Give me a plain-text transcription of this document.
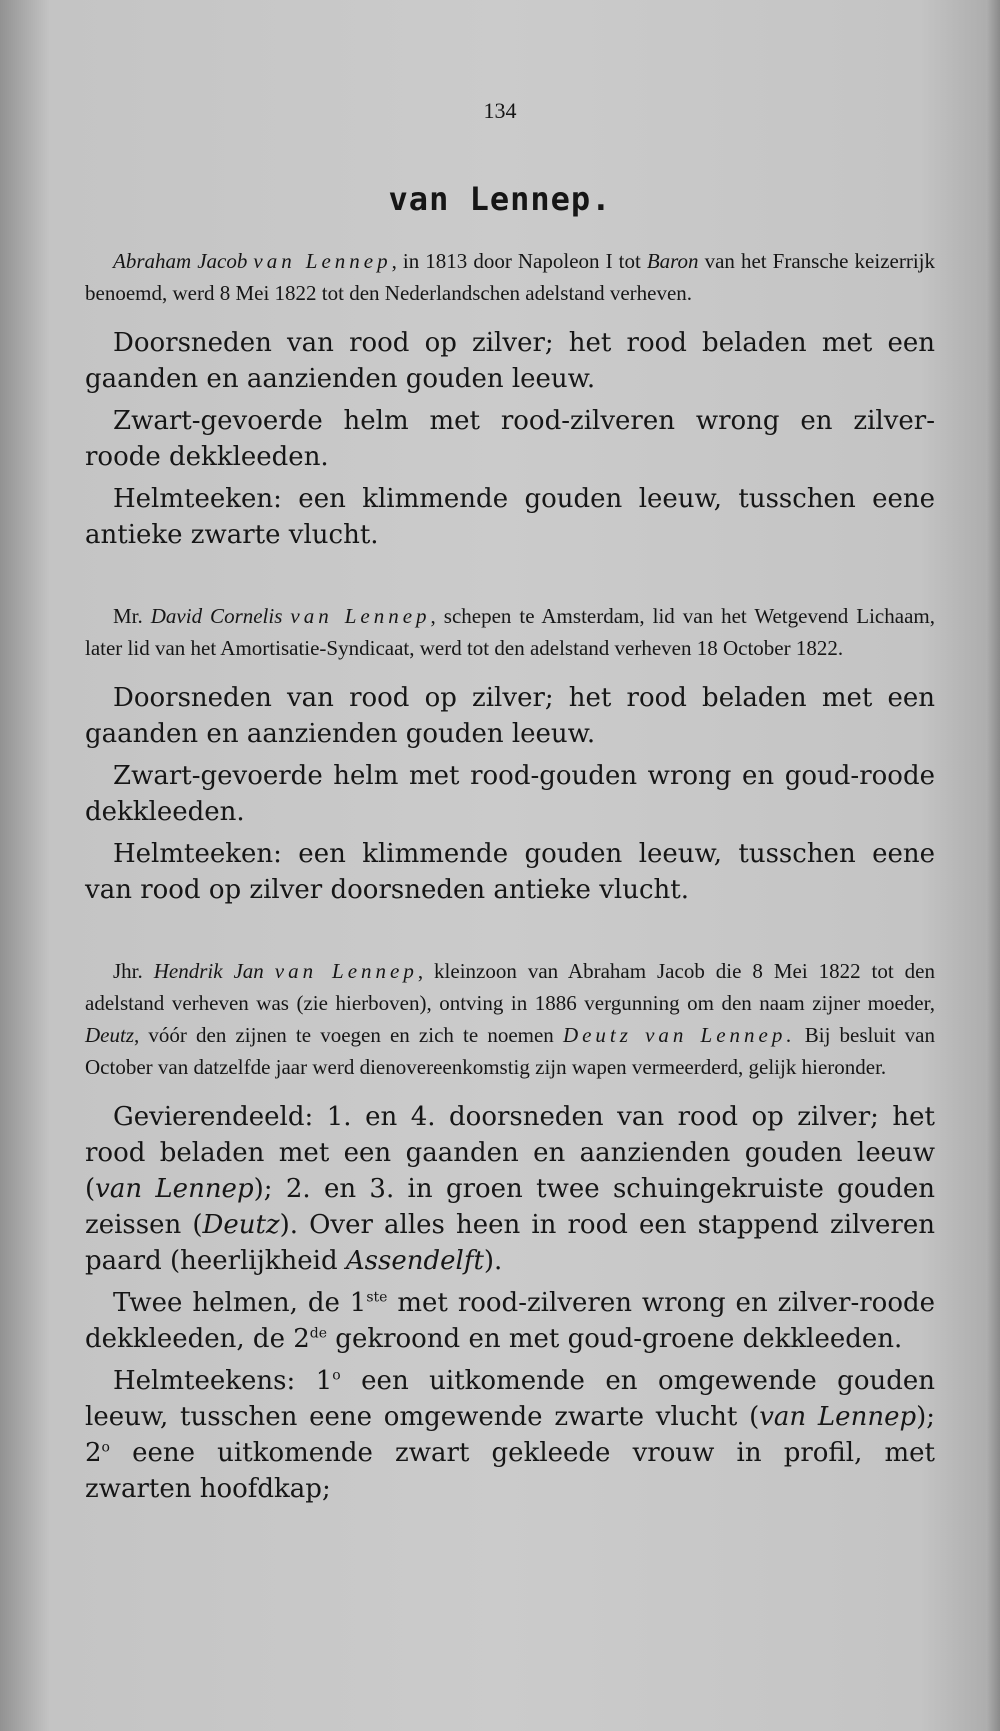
134
van Lennep.

Abraham Jacob van Lennep, in 1813 door Napoleon I tot Baron van het Fransche keizerrijk benoemd, werd 8 Mei 1822 tot den Nederlandschen adelstand verheven.

Doorsneden van rood op zilver; het rood beladen met een gaanden en aanzienden gouden leeuw.

Zwart-gevoerde helm met rood-zilveren wrong en zilver-roode dekkleeden.

Helmteeken: een klimmende gouden leeuw, tusschen eene antieke zwarte vlucht.

Mr. David Cornelis van Lennep, schepen te Amsterdam, lid van het Wetgevend Lichaam, later lid van het Amortisatie-Syndicaat, werd tot den adelstand verheven 18 October 1822.

Doorsneden van rood op zilver; het rood beladen met een gaanden en aanzienden gouden leeuw.

Zwart-gevoerde helm met rood-gouden wrong en goud-roode dekkleeden.

Helmteeken: een klimmende gouden leeuw, tusschen eene van rood op zilver doorsneden antieke vlucht.

Jhr. Hendrik Jan van Lennep, kleinzoon van Abraham Jacob die 8 Mei 1822 tot den adelstand verheven was (zie hierboven), ontving in 1886 vergunning om den naam zijner moeder, Deutz, vóór den zijnen te voegen en zich te noemen Deutz van Lennep. Bij besluit van October van datzelfde jaar werd dienovereenkomstig zijn wapen vermeerderd, gelijk hieronder.

Gevierendeeld: 1. en 4. doorsneden van rood op zilver; het rood beladen met een gaanden en aanzienden gouden leeuw (van Lennep); 2. en 3. in groen twee schuingekruiste gouden zeissen (Deutz). Over alles heen in rood een stappend zilveren paard (heerlijkheid Assendelft).

Twee helmen, de 1ste met rood-zilveren wrong en zilver-roode dekkleeden, de 2de gekroond en met goud-groene dekkleeden.

Helmteekens: 1$^o$ een uitkomende en omgewende gouden leeuw, tusschen eene omgewende zwarte vlucht (van Lennep); 2$^o$ eene uitkomende zwart gekleede vrouw in profil, met zwarten hoofdkap;
